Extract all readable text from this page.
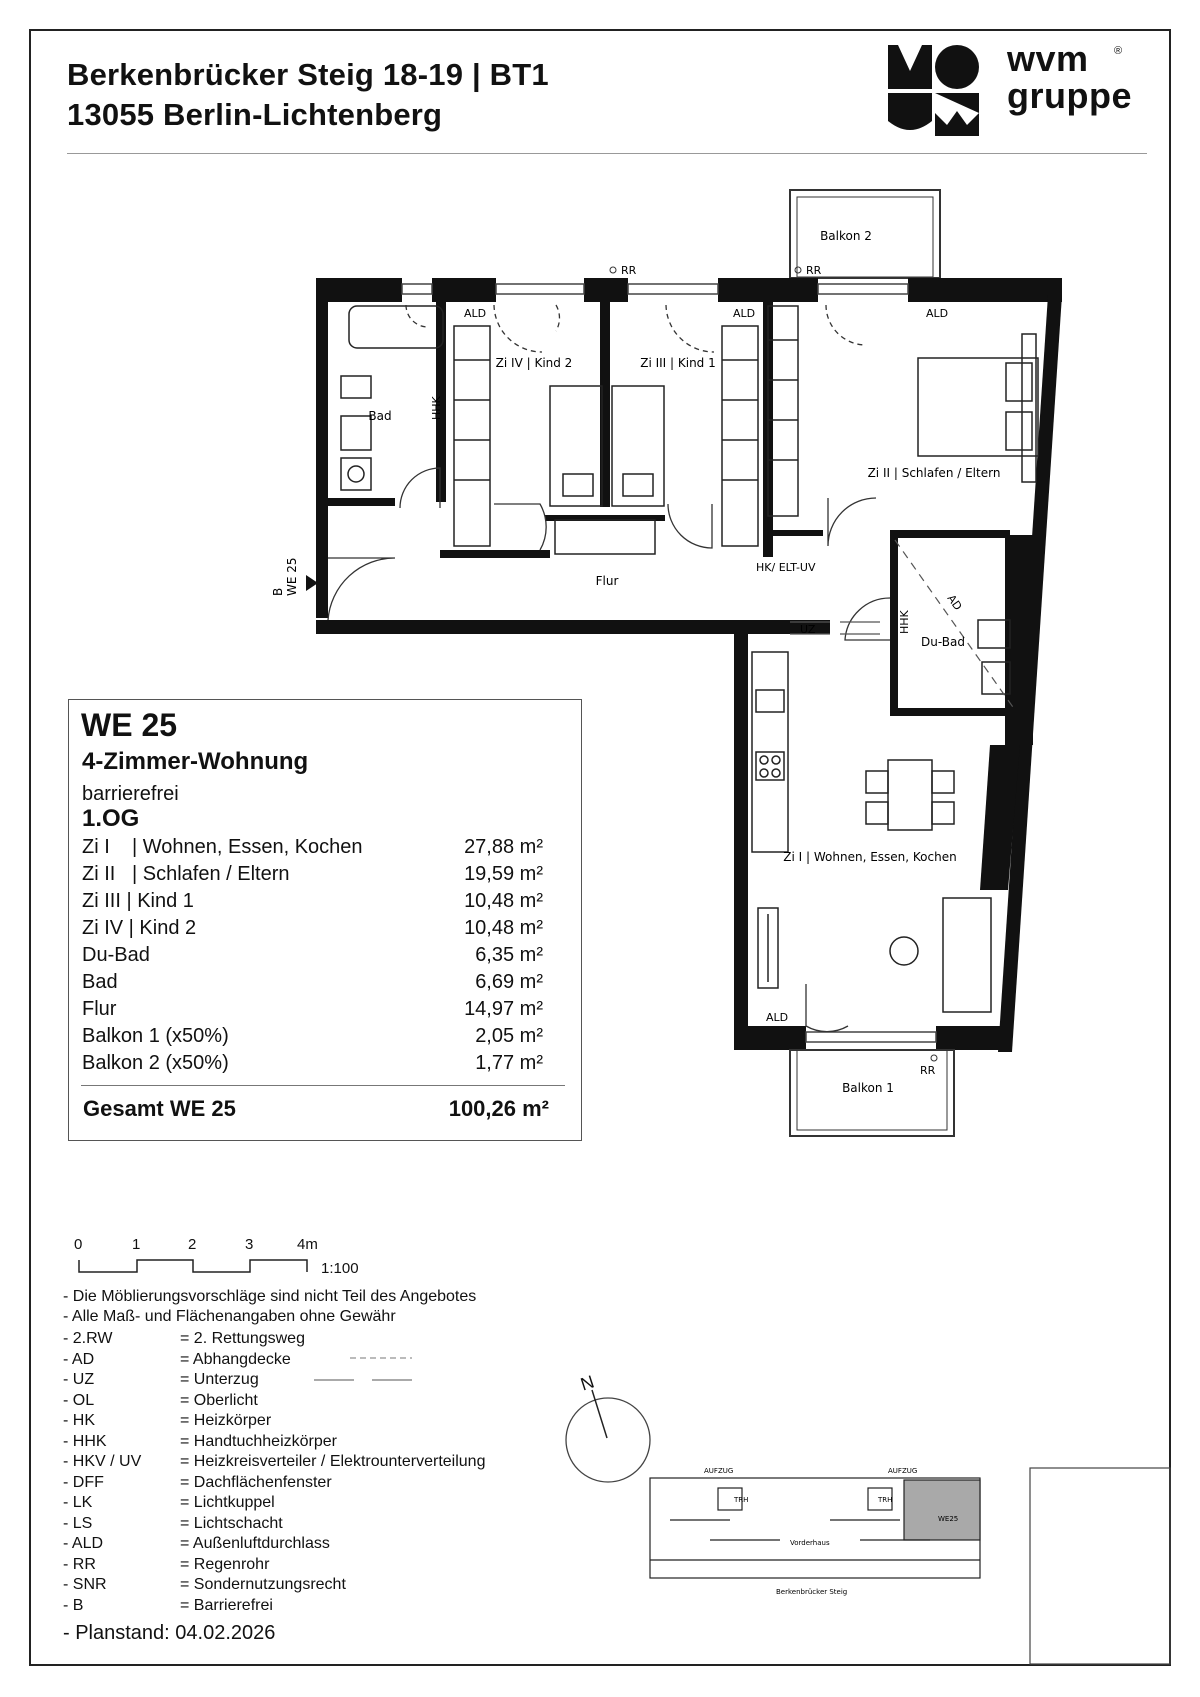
Berkenbrücker Steig 18-19 | BT1
13055 Berlin-Lichtenberg
wvm
gruppe
®
Balkon 2
Balkon 1
Bad
Zi IV | Kind 2	Zi III | Kind 1
Zi II | Schlafen / Eltern
Flur
Du-Bad
Zi I | Wohnen, Essen, Kochen
RR	RR
RR
ALD	ALD	ALD
ALD
HHK
HHK
HK/ ELT-UV
UZ
AD
B WE 25
AUFZUG	AUFZUG
TRH	TRH
Vorderhaus
WE25
Berkenbrücker Steig
WE 25
4-Zimmer-Wohnung
barrierefrei
1.OG
Zi I    | Wohnen, Essen, Kochen	27,88 m²
Zi II   | Schlafen / Eltern	19,59 m²
Zi III | Kind 1	10,48 m²
Zi IV | Kind 2	10,48 m²
Du-Bad	6,35 m²
Bad	6,69 m²
Flur	14,97 m²
Balkon 1 (x50%)	2,05 m²
Balkon 2 (x50%)	1,77 m²
Gesamt WE 25	100,26 m²
0	1	2	3	4m
1:100
- Die Möblierungsvorschläge sind nicht Teil des Angebotes
- Alle Maß- und Flächenangaben ohne Gewähr
- 2.RW	= 2. Rettungsweg
- AD	= Abhangdecke
- UZ	= Unterzug
- OL	= Oberlicht
- HK	= Heizkörper
- HHK	= Handtuchheizkörper
- HKV / UV = Heizkreisverteiler / Elektrounterverteilung
- DFF	= Dachflächenfenster
- LK	= Lichtkuppel
- LS	= Lichtschacht
- ALD	= Außenluftdurchlass
- RR	= Regenrohr
- SNR	= Sondernutzungsrecht
- B	= Barrierefrei
- Planstand: 04.02.2026
N
